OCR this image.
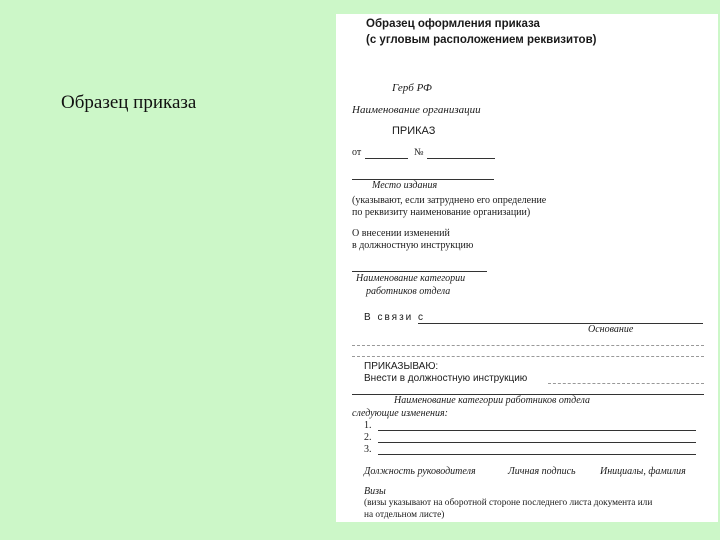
Образец приказа
Образец оформления приказа
(с угловым расположением реквизитов)
Герб РФ
Наименование организации
ПРИКАЗ
от	№
Место издания
(указывают, если затруднено его определение
по реквизиту наименование организации)
О внесении изменений
в должностную инструкцию
Наименование категории
работников отдела
В связи с
Основание
ПРИКАЗЫВАЮ:
Внести в должностную инструкцию
Наименование категории работников отдела
следующие изменения:
1.
2.
3.
Должность руководителя	Личная подпись Инициалы, фамилия
Визы
(визы указывают на оборотной стороне последнего листа документа или
на отдельном листе)
